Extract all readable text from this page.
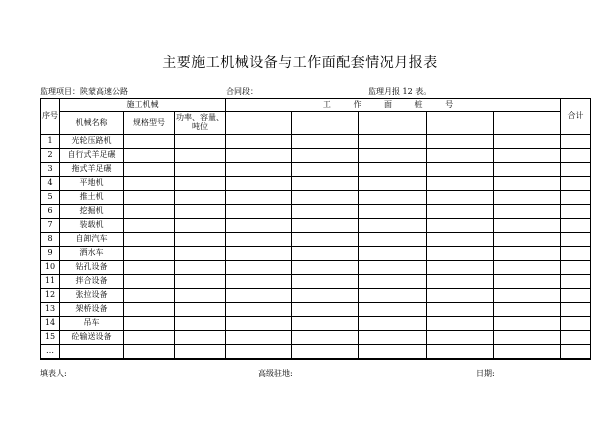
主要施工机械设备与工作面配套情况月报表
监理项目：陕蒙高速公路	合同段：	监理月报 12 表。
序号	施工机械			工 作 面 桩 号					合计
	机械名称	规格型号	功率、容量、吨位						
1	光轮压路机								
2	自行式羊足碾								
3	拖式羊足碾								
4	平地机								
5	推土机								
6	挖掘机								
7	装载机								
8	自卸汽车								
9	洒水车								
10	钻孔设备								
11	拌合设备								
12	张拉设备								
13	架桥设备								
14	吊车								
15	砼输送设备								
…									

填表人:	高级驻地:	日期:
